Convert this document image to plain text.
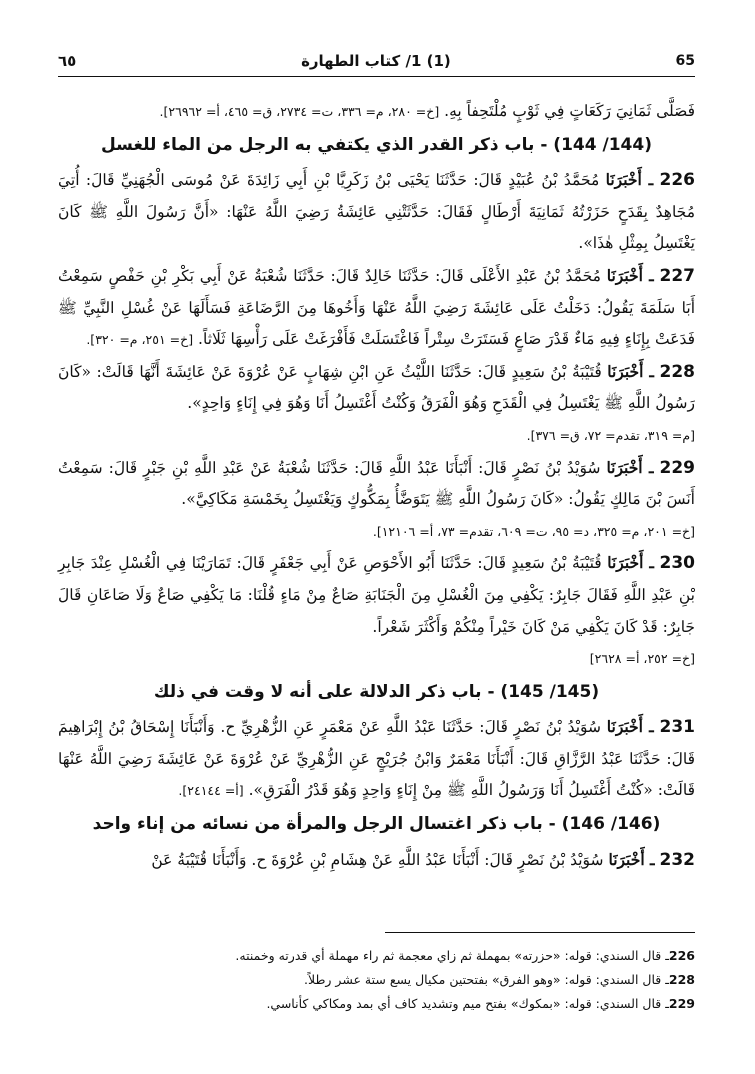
٦٥	(1) 1/ كتاب الطهارة	65

فَصَلَّى ثَمَانِيَ رَكَعَاتٍ فِي ثَوْبٍ مُلْتَحِفاً بِهِ. [خ= ٢٨٠، م= ٣٣٦، ت= ٢٧٣٤، ق= ٤٦٥، أ= ٢٦٩٦٢].

(144/ 144) - باب ذكر القدر الذي يكتفي به الرجل من الماء للغسل

226 ـ أَخْبَرَنَا مُحَمَّدُ بْنُ عُبَيْدٍ قَالَ: حَدَّثَنَا يَحْيَى بْنُ زَكَرِيَّا بْنِ أَبِي زَائِدَةَ عَنْ مُوسَى الْجُهَنِيِّ قَالَ: أُتِيَ مُجَاهِدٌ بِقَدَحٍ حَزَرْتُهُ ثَمَانِيَةَ أَرْطَالٍ فَقَالَ: حَدَّثَتْنِي عَائِشَةُ رَضِيَ اللَّهُ عَنْهَا: «أَنَّ رَسُولَ اللَّهِ ﷺ كَانَ يَغْتَسِلُ بِمِثْلِ هٰذَا».

227 ـ أَخْبَرَنَا مُحَمَّدُ بْنُ عَبْدِ الأَعْلَى قَالَ: حَدَّثَنَا خَالِدٌ قَالَ: حَدَّثَنَا شُعْبَةُ عَنْ أَبِي بَكْرِ بْنِ حَفْصٍ سَمِعْتُ أَبَا سَلَمَةَ يَقُولُ: دَخَلْتُ عَلَى عَائِشَةَ رَضِيَ اللَّهُ عَنْهَا وَأَخُوهَا مِنَ الرَّضَاعَةِ فَسَأَلَهَا عَنْ غُسْلِ النَّبِيِّ ﷺ فَدَعَتْ بِإِنَاءٍ فِيهِ مَاءٌ قَدْرَ صَاعٍ فَسَتَرَتْ سِتْراً فَاغْتَسَلَتْ فَأَفْرَغَتْ عَلَى رَأْسِهَا ثَلَاثاً. [خ= ٢٥١، م= ٣٢٠].

228 ـ أَخْبَرَنَا قُتَيْبَةُ بْنُ سَعِيدٍ قَالَ: حَدَّثَنَا اللَّيْثُ عَنِ ابْنِ شِهَابٍ عَنْ عُرْوَةَ عَنْ عَائِشَةَ أَنَّهَا قَالَتْ: «كَانَ رَسُولُ اللَّهِ ﷺ يَغْتَسِلُ فِي الْقَدَحِ وَهُوَ الْفَرَقُ وَكُنْتُ أَغْتَسِلُ أَنَا وَهُوَ فِي إِنَاءٍ وَاحِدٍ».

[م= ٣١٩، تقدم= ٧٢، ق= ٣٧٦].

229 ـ أَخْبَرَنَا سُوَيْدُ بْنُ نَصْرٍ قَالَ: أَنْبَأَنَا عَبْدُ اللَّهِ قَالَ: حَدَّثَنَا شُعْبَةُ عَنْ عَبْدِ اللَّهِ بْنِ جَبْرٍ قَالَ: سَمِعْتُ أَنَسَ بْنَ مَالِكٍ يَقُولُ: «كَانَ رَسُولُ اللَّهِ ﷺ يَتَوَضَّأُ بِمَكُّوكٍ وَيَغْتَسِلُ بِخَمْسَةِ مَكَاكِيَّ».

[خ= ٢٠١، م= ٣٢٥، د= ٩٥، ت= ٦٠٩، تقدم= ٧٣، أ= ١٢١٠٦].

230 ـ أَخْبَرَنَا قُتَيْبَةُ بْنُ سَعِيدٍ قَالَ: حَدَّثَنَا أَبُو الأَحْوَصِ عَنْ أَبِي جَعْفَرٍ قَالَ: تَمَارَيْنَا فِي الْغُسْلِ عِنْدَ جَابِرِ بْنِ عَبْدِ اللَّهِ فَقَالَ جَابِرٌ: يَكْفِي مِنَ الْغُسْلِ مِنَ الْجَنَابَةِ صَاعٌ مِنْ مَاءٍ قُلْنَا: مَا يَكْفِي صَاعٌ وَلَا صَاعَانِ قَالَ جَابِرٌ: قَدْ كَانَ يَكْفِي مَنْ كَانَ خَيْراً مِنْكُمْ وَأَكْثَرَ شَعْراً.

[خ= ٢٥٢، أ= ٢٦٢٨]

(145/ 145) - باب ذكر الدلالة على أنه لا وقت في ذلك

231 ـ أَخْبَرَنَا سُوَيْدُ بْنُ نَصْرٍ قَالَ: حَدَّثَنَا عَبْدُ اللَّهِ عَنْ مَعْمَرٍ عَنِ الزُّهْرِيِّ ح. وَأَنْبَأَنَا إِسْحَاقُ بْنُ إِبْرَاهِيمَ قَالَ: حَدَّثَنَا عَبْدُ الرَّزَّاقِ قَالَ: أَنْبَأَنَا مَعْمَرٌ وَابْنُ جُرَيْجٍ عَنِ الزُّهْرِيِّ عَنْ عُرْوَةَ عَنْ عَائِشَةَ رَضِيَ اللَّهُ عَنْهَا قَالَتْ: «كُنْتُ أَغْتَسِلُ أَنَا وَرَسُولُ اللَّهِ ﷺ مِنْ إِنَاءٍ وَاحِدٍ وَهُوَ قَدْرُ الْفَرَقِ». [أ= ٢٤١٤٤].

(146/ 146) - باب ذكر اغتسال الرجل والمرأة من نسائه من إناء واحد

232 ـ أَخْبَرَنَا سُوَيْدُ بْنُ نَصْرٍ قَالَ: أَنْبَأَنَا عَبْدُ اللَّهِ عَنْ هِشَامِ بْنِ عُرْوَةَ ح. وَأَنْبَأَنَا قُتَيْبَةُ عَنْ

226ـ قال السندي: قوله: «حزرته» بمهملة ثم زاي معجمة ثم راء مهملة أي قدرته وخمنته.

228ـ قال السندي: قوله: «وهو الفرق» بفتحتين مكيال يسع ستة عشر رطلاً.

229ـ قال السندي: قوله: «بمكوك» بفتح ميم وتشديد كاف أي بمد ومكاكي كأناسي.
